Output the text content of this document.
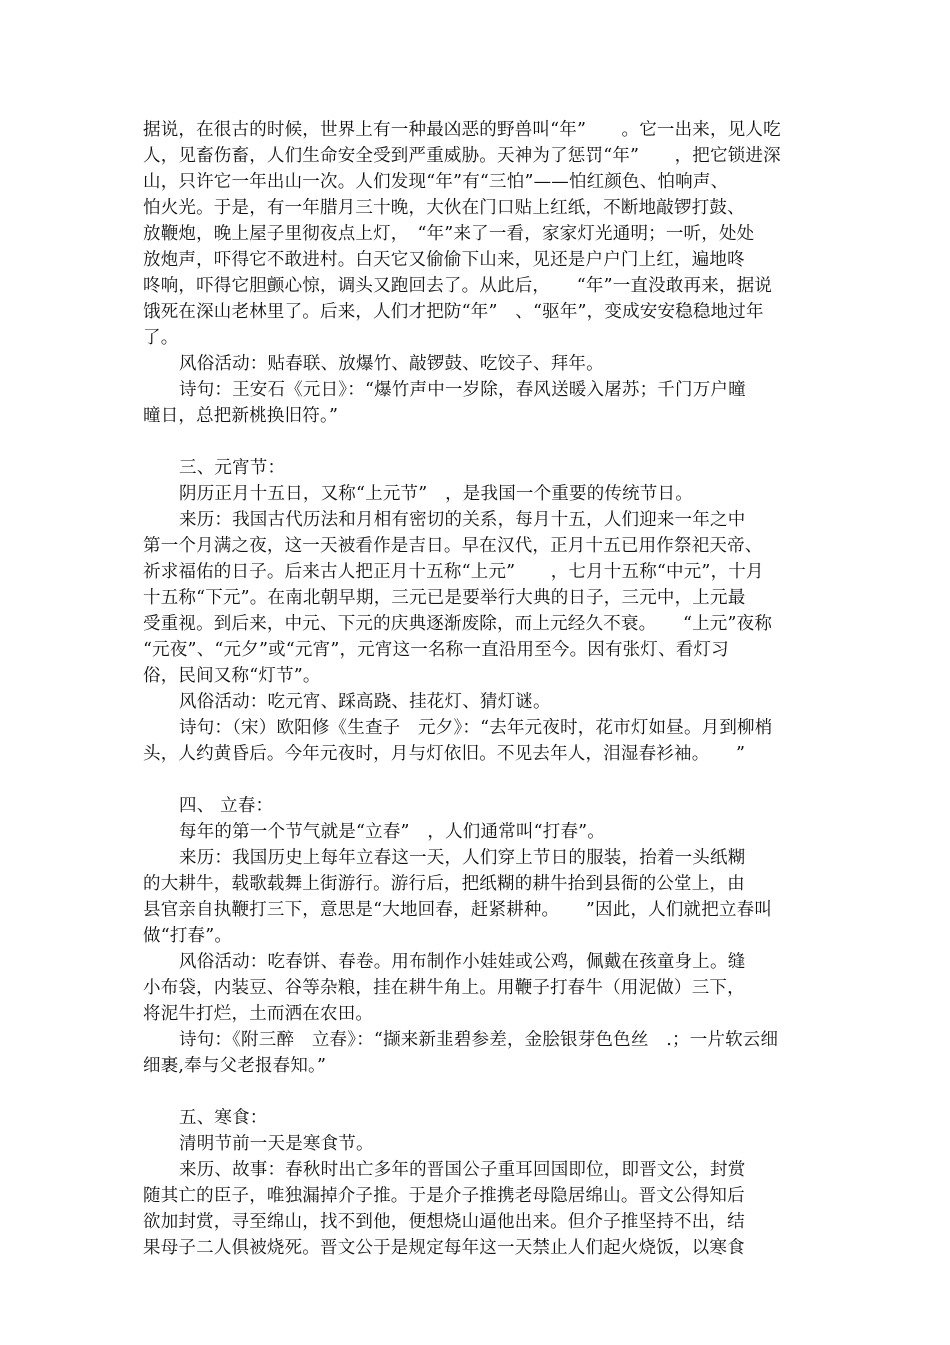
据说，在很古的时候，世界上有一种最凶恶的野兽叫“年”　　。它一出来，见人吃
人，见畜伤畜，人们生命安全受到严重威胁。天神为了惩罚“年”　　，把它锁进深
山，只许它一年出山一次。人们发现“年”有“三怕”——怕红颜色、怕响声、
怕火光。于是，有一年腊月三十晚，大伙在门口贴上红纸，不断地敲锣打鼓、
放鞭炮，晚上屋子里彻夜点上灯，　“年”来了一看，家家灯光通明；一听，处处
放炮声，吓得它不敢进村。白天它又偷偷下山来，见还是户户门上红，遍地咚
咚响，吓得它胆颤心惊，调头又跑回去了。从此后，　　“年”一直没敢再来，据说
饿死在深山老林里了。后来，人们才把防“年”　、“驱年”，变成安安稳稳地过年
了。
风俗活动：贴春联、放爆竹、敲锣鼓、吃饺子、拜年。
诗句：王安石《元日》：“爆竹声中一岁除，春风送暖入屠苏；千门万户曈
曈日，总把新桃换旧符。”
三、元宵节：
阴历正月十五日，又称“上元节”　，是我国一个重要的传统节日。
来历：我国古代历法和月相有密切的关系，每月十五，人们迎来一年之中
第一个月满之夜，这一天被看作是吉日。早在汉代，正月十五已用作祭祀天帝、
祈求福佑的日子。后来古人把正月十五称“上元”　　，七月十五称“中元”，十月
十五称“下元”。在南北朝早期，三元已是要举行大典的日子，三元中，上元最
受重视。到后来，中元、下元的庆典逐渐废除，而上元经久不衰。　　“上元”夜称
“元夜”、“元夕”或“元宵”，元宵这一名称一直沿用至今。因有张灯、看灯习
俗，民间又称“灯节”。
风俗活动：吃元宵、踩高跷、挂花灯、猜灯谜。
诗句：（宋）欧阳修《生查子　元夕》：“去年元夜时，花市灯如昼。月到柳梢
头，人约黄昏后。今年元夜时，月与灯依旧。不见去年人，泪湿春衫袖。　　”
四、 立春：
每年的第一个节气就是“立春”　，人们通常叫“打春”。
来历：我国历史上每年立春这一天，人们穿上节日的服装，抬着一头纸糊
的大耕牛，载歌载舞上街游行。游行后，把纸糊的耕牛抬到县衙的公堂上，由
县官亲自执鞭打三下，意思是“大地回春，赶紧耕种。　　”因此，人们就把立春叫
做“打春”。
风俗活动：吃春饼、春卷。用布制作小娃娃或公鸡，佩戴在孩童身上。缝
小布袋，内装豆、谷等杂粮，挂在耕牛角上。用鞭子打春牛（用泥做）三下，
将泥牛打烂，土而洒在农田。
诗句：《附三醉　立春》：“撷来新韭碧参差，金脍银芽色色丝　.；一片软云细
细裹,奉与父老报春知。”
五、寒食：
清明节前一天是寒食节。
来历、故事：春秋时出亡多年的晋国公子重耳回国即位，即晋文公，封赏
随其亡的臣子，唯独漏掉介子推。于是介子推携老母隐居绵山。晋文公得知后
欲加封赏，寻至绵山，找不到他，便想烧山逼他出来。但介子推坚持不出，结
果母子二人俱被烧死。晋文公于是规定每年这一天禁止人们起火烧饭，以寒食
